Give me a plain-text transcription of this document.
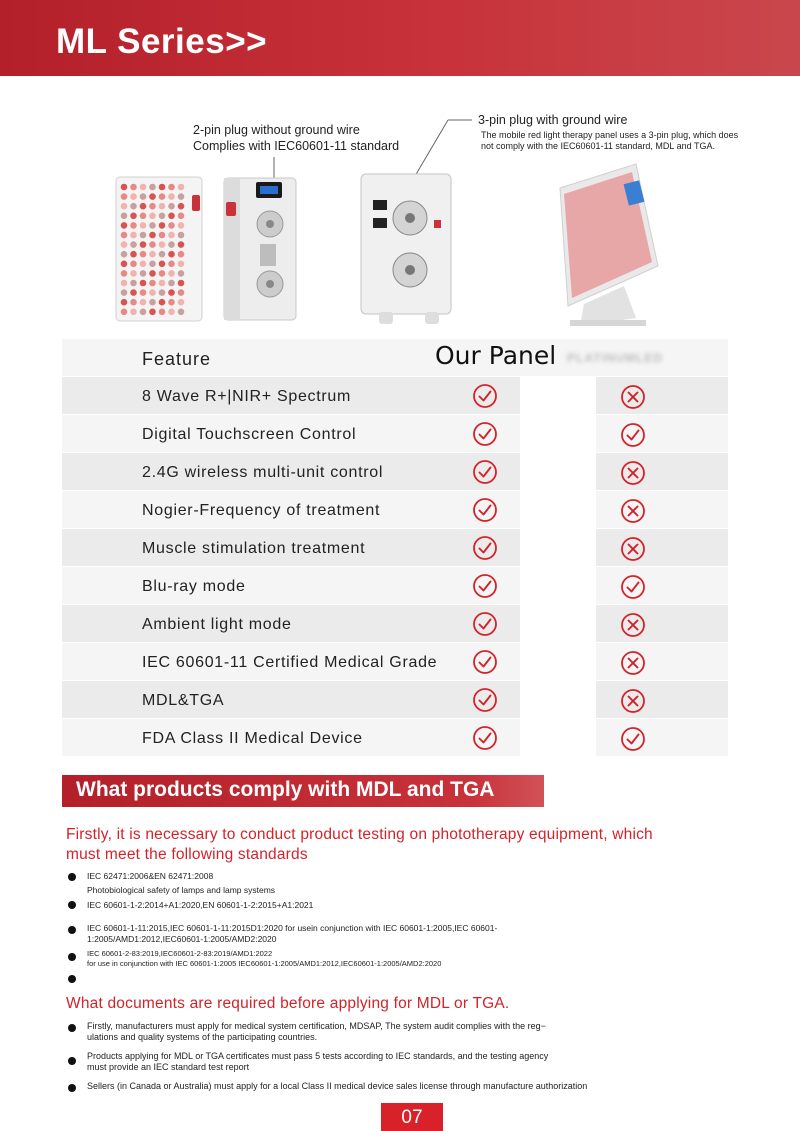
ML Series>>
2-pin plug without ground wire
Complies with IEC60601-11 standard
3-pin plug with ground wire
The mobile red light therapy panel uses a 3-pin plug, which does not comply with the IEC60601-11 standard, MDL and TGA.
Feature	Our Panel PLATINUMLED
8 Wave R+|NIR+ Spectrum
Digital Touchscreen Control
2.4G wireless multi-unit control
Nogier-Frequency of treatment
Muscle stimulation treatment
Blu-ray mode
Ambient light mode
IEC 60601-11 Certified Medical Grade
MDL&TGA
FDA Class II Medical Device
What products comply with MDL and TGA
Firstly, it is necessary to conduct product testing on phototherapy equipment, which must meet the following standards
IEC 62471:2006&EN 62471:2008
Photobiological safety of lamps and lamp systems
IEC 60601-1-2:2014+A1:2020,EN 60601-1-2:2015+A1:2021
IEC 60601-1-11:2015,IEC 60601-1-11:2015D1:2020 for usein conjunction with IEC 60601-1:2005,IEC 60601-
1:2005/AMD1:2012,IEC60601-1:2005/AMD2:2020
IEC 60601-2-83:2019,IEC60601-2-83:2019/AMD1:2022
for use in conjunction with IEC 60601-1:2005 IEC60601-1:2005/AMD1:2012,IEC60601-1:2005/AMD2:2020
What documents are required before applying for MDL or TGA.
Firstly, manufacturers must apply for medical system certification, MDSAP, The system audit complies with the reg−
ulations and quality systems of the participating countries.
Products applying for MDL or TGA certificates must pass 5 tests according to IEC standards, and the testing agency
must provide an IEC standard test report
Sellers (in Canada or Australia) must apply for a local Class II medical device sales license through manufacture authorization
07
